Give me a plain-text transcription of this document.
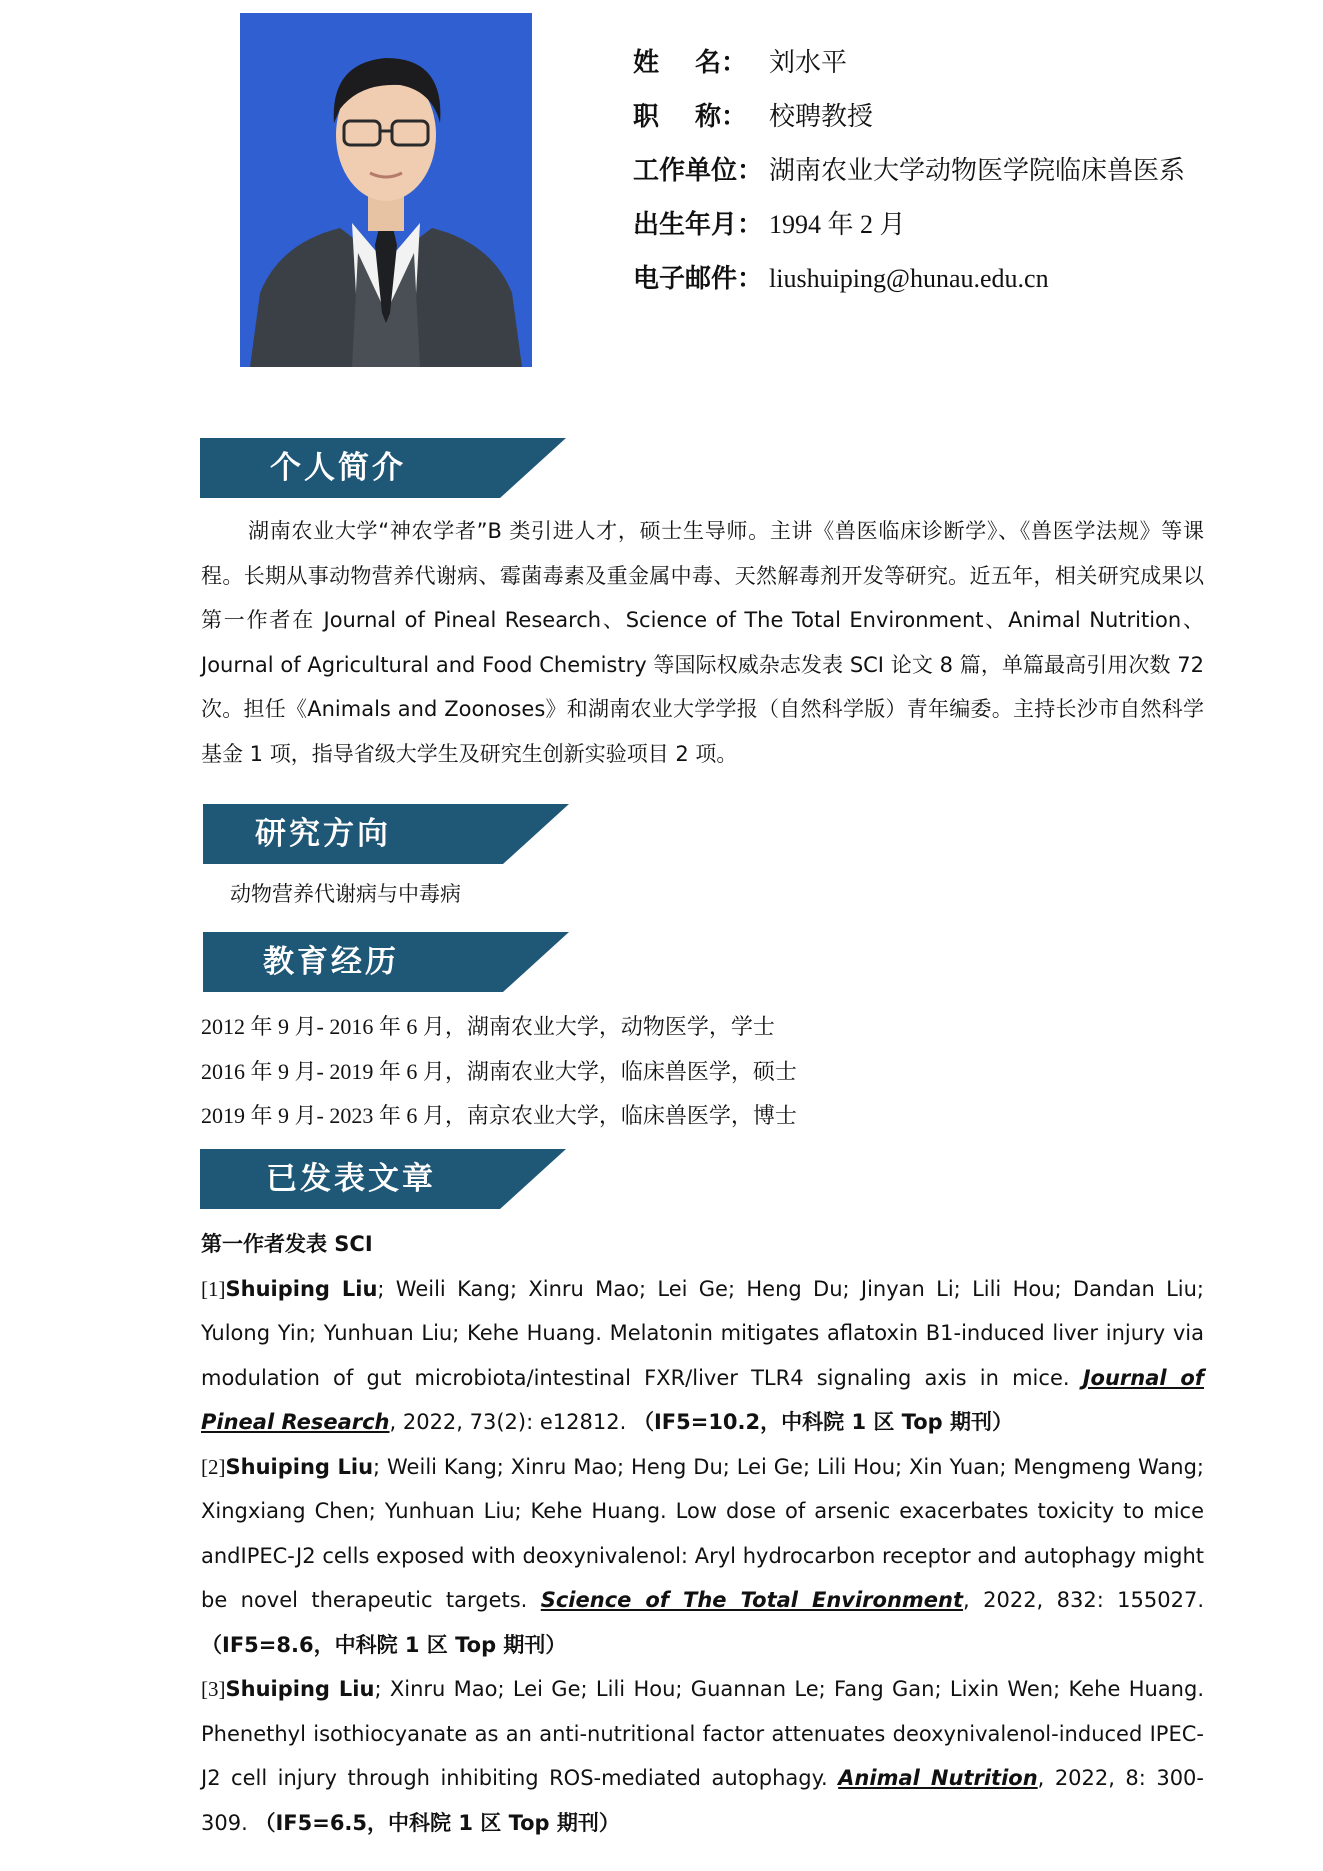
姓 名： 刘水平
职 称： 校聘教授
工作单位： 湖南农业大学动物医学院临床兽医系
出生年月： 1994 年 2 月
电子邮件： liushuiping@hunau.edu.cn
个人简介

湖南农业大学“神农学者”B 类引进人才，硕士生导师。主讲《兽医临床诊断学》、《兽医学法规》等课程。长期从事动物营养代谢病、霉菌毒素及重金属中毒、天然解毒剂开发等研究。近五年，相关研究成果以第一作者在 Journal of Pineal Research、Science of The Total Environment、Animal Nutrition、Journal of Agricultural and Food Chemistry 等国际权威杂志发表 SCI 论文 8 篇，单篇最高引用次数 72 次。担任《Animals and Zoonoses》和湖南农业大学学报（自然科学版）青年编委。主持长沙市自然科学基金 1 项，指导省级大学生及研究生创新实验项目 2 项。

研究方向
动物营养代谢病与中毒病
教育经历
2012 年 9 月- 2016 年 6 月，湖南农业大学，动物医学，学士
2016 年 9 月- 2019 年 6 月，湖南农业大学，临床兽医学，硕士
2019 年 9 月- 2023 年 6 月，南京农业大学，临床兽医学，博士
已发表文章
第一作者发表 SCI
[1]Shuiping Liu; Weili Kang; Xinru Mao; Lei Ge; Heng Du; Jinyan Li; Lili Hou; Dandan Liu; Yulong Yin; Yunhuan Liu; Kehe Huang. Melatonin mitigates aflatoxin B1-induced liver injury via modulation of gut microbiota/intestinal FXR/liver TLR4 signaling axis in mice. Journal of Pineal Research, 2022, 73(2): e12812. （IF5=10.2，中科院 1 区 Top 期刊）
[2]Shuiping Liu; Weili Kang; Xinru Mao; Heng Du; Lei Ge; Lili Hou; Xin Yuan; Mengmeng Wang; Xingxiang Chen; Yunhuan Liu; Kehe Huang. Low dose of arsenic exacerbates toxicity to mice andIPEC-J2 cells exposed with deoxynivalenol: Aryl hydrocarbon receptor and autophagy might be novel therapeutic targets. Science of The Total Environment, 2022, 832: 155027. （IF5=8.6，中科院 1 区 Top 期刊）
[3]Shuiping Liu; Xinru Mao; Lei Ge; Lili Hou; Guannan Le; Fang Gan; Lixin Wen; Kehe Huang. Phenethyl isothiocyanate as an anti-nutritional factor attenuates deoxynivalenol-induced IPEC-J2 cell injury through inhibiting ROS-mediated autophagy. Animal Nutrition, 2022, 8: 300-309. （IF5=6.5，中科院 1 区 Top 期刊）
